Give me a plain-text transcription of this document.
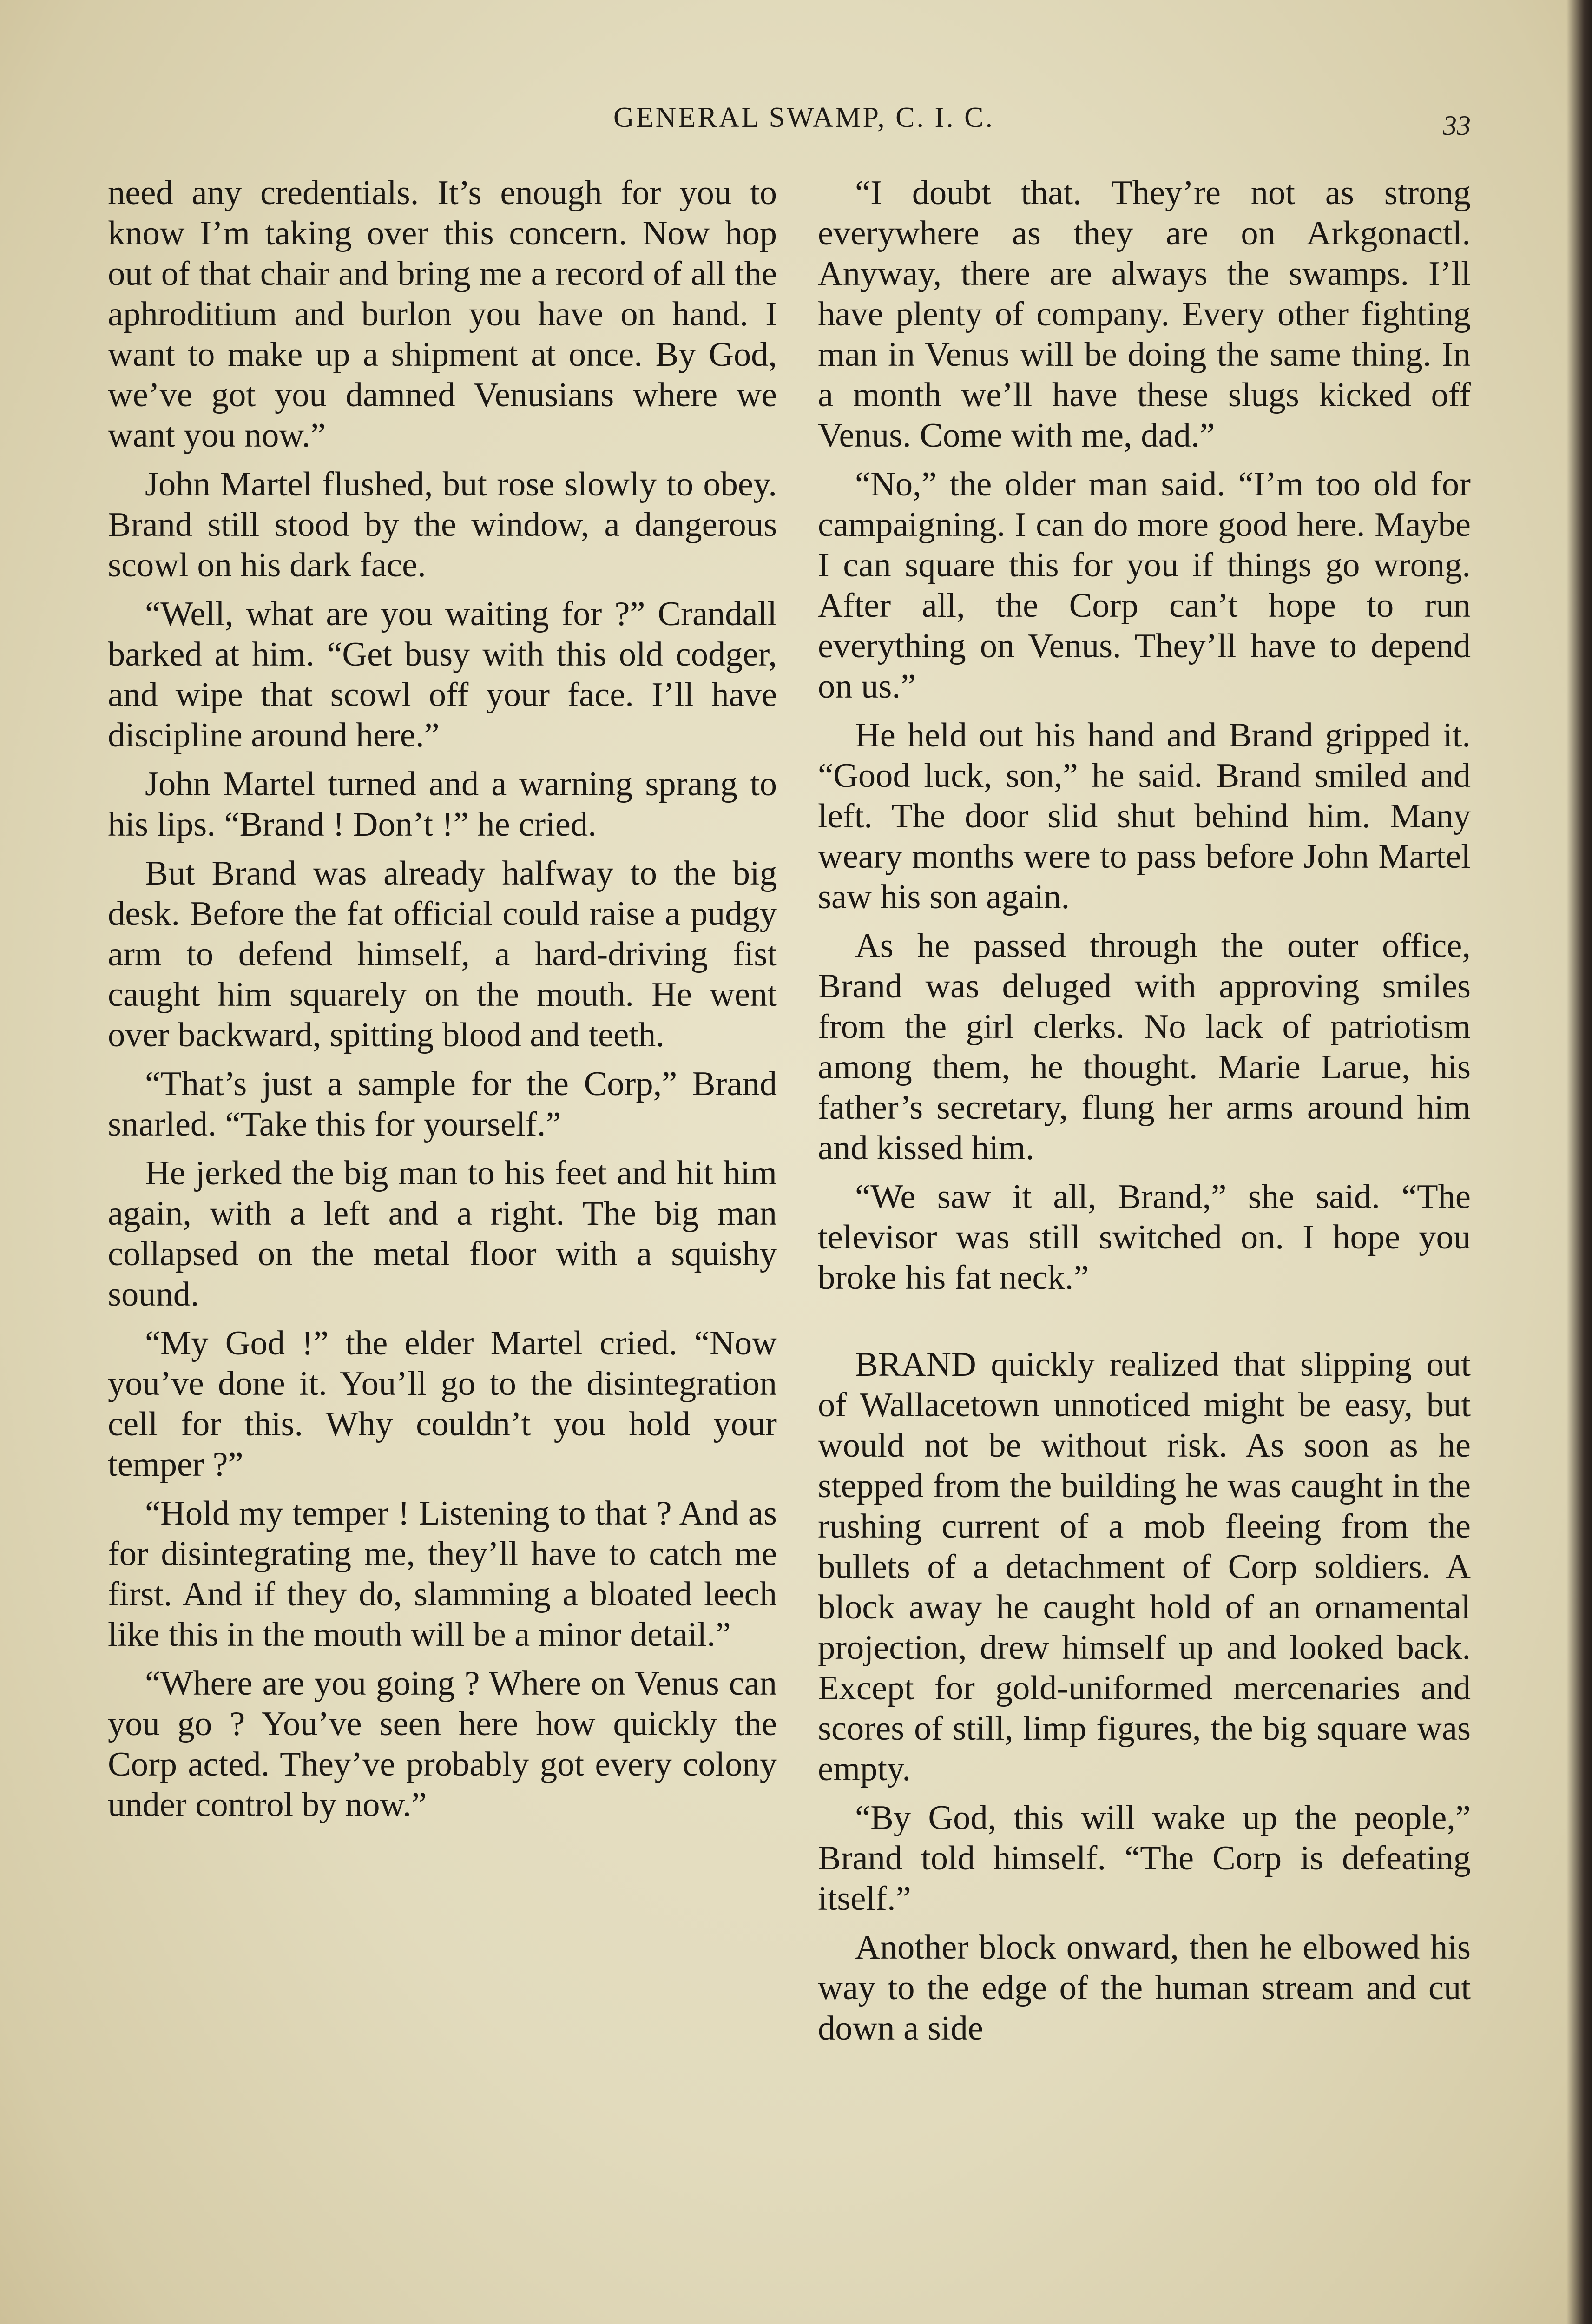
GENERAL SWAMP, C. I. C.	33

need any credentials. It’s enough for you to know I’m taking over this concern. Now hop out of that chair and bring me a record of all the aphroditium and burlon you have on hand. I want to make up a shipment at once. By God, we’ve got you damned Venusians where we want you now.”

John Martel flushed, but rose slowly to obey. Brand still stood by the window, a dangerous scowl on his dark face.

“Well, what are you waiting for ?” Crandall barked at him. “Get busy with this old codger, and wipe that scowl off your face. I’ll have discipline around here.”

John Martel turned and a warning sprang to his lips. “Brand ! Don’t !” he cried.

But Brand was already halfway to the big desk. Before the fat official could raise a pudgy arm to defend himself, a hard-driving fist caught him squarely on the mouth. He went over backward, spitting blood and teeth.

“That’s just a sample for the Corp,” Brand snarled. “Take this for yourself.”

He jerked the big man to his feet and hit him again, with a left and a right. The big man collapsed on the metal floor with a squishy sound.

“My God !” the elder Martel cried. “Now you’ve done it. You’ll go to the disintegration cell for this. Why couldn’t you hold your temper ?”

“Hold my temper ! Listening to that ? And as for disintegrating me, they’ll have to catch me first. And if they do, slamming a bloated leech like this in the mouth will be a minor detail.”

“Where are you going ? Where on Venus can you go ? You’ve seen here how quickly the Corp acted. They’ve probably got every colony under control by now.”

“I doubt that. They’re not as strong everywhere as they are on Arkgonactl. Anyway, there are always the swamps. I’ll have plenty of company. Every other fighting man in Venus will be doing the same thing. In a month we’ll have these slugs kicked off Venus. Come with me, dad.”

“No,” the older man said. “I’m too old for campaigning. I can do more good here. Maybe I can square this for you if things go wrong. After all, the Corp can’t hope to run everything on Venus. They’ll have to depend on us.”

He held out his hand and Brand gripped it. “Good luck, son,” he said. Brand smiled and left. The door slid shut behind him. Many weary months were to pass before John Martel saw his son again.

As he passed through the outer office, Brand was deluged with approving smiles from the girl clerks. No lack of patriotism among them, he thought. Marie Larue, his father’s secretary, flung her arms around him and kissed him.

“We saw it all, Brand,” she said. “The televisor was still switched on. I hope you broke his fat neck.”

BRAND quickly realized that slipping out of Wallacetown unnoticed might be easy, but would not be without risk. As soon as he stepped from the building he was caught in the rushing current of a mob fleeing from the bullets of a detachment of Corp soldiers. A block away he caught hold of an ornamental projection, drew himself up and looked back. Except for gold-uniformed mercenaries and scores of still, limp figures, the big square was empty.

“By God, this will wake up the people,” Brand told himself. “The Corp is defeating itself.”

Another block onward, then he elbowed his way to the edge of the human stream and cut down a side
